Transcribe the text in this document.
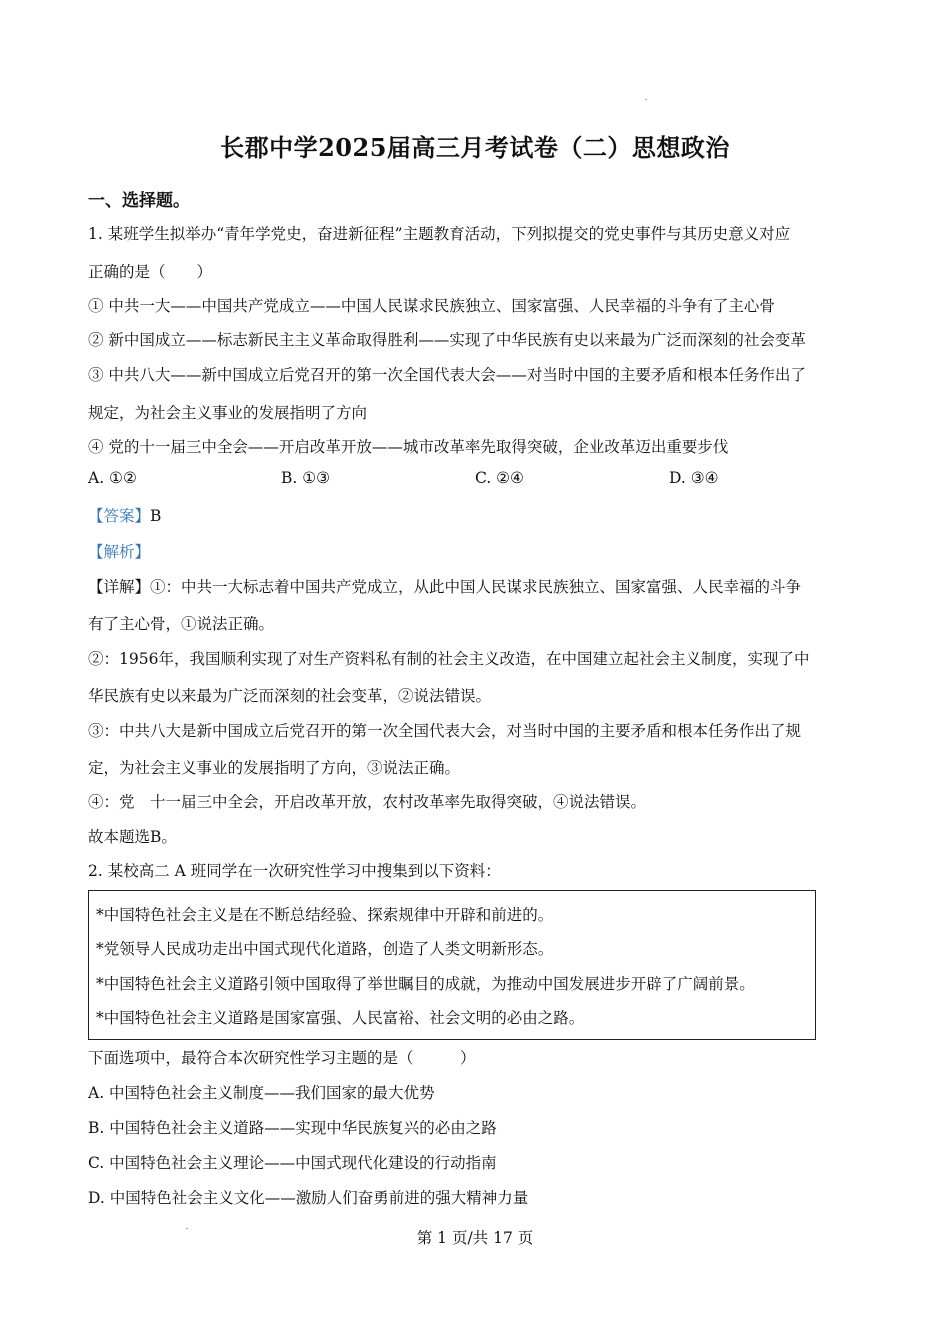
长郡中学2025届高三月考试卷（二）思想政治
一、选择题。
1. 某班学生拟举办“青年学党史，奋进新征程”主题教育活动，下列拟提交的党史事件与其历史意义对应
正确的是（　　）
① 中共一大——中国共产党成立——中国人民谋求民族独立、国家富强、人民幸福的斗争有了主心骨
② 新中国成立——标志新民主主义革命取得胜利——实现了中华民族有史以来最为广泛而深刻的社会变革
③ 中共八大——新中国成立后党召开的第一次全国代表大会——对当时中国的主要矛盾和根本任务作出了
规定，为社会主义事业的发展指明了方向
④ 党的十一届三中全会——开启改革开放——城市改革率先取得突破，企业改革迈出重要步伐
A. ①②	B. ①③	C. ②④	D. ③④
【答案】B
【解析】
【详解】①：中共一大标志着中国共产党成立，从此中国人民谋求民族独立、国家富强、人民幸福的斗争
有了主心骨，①说法正确。
②：1956年，我国顺利实现了对生产资料私有制的社会主义改造，在中国建立起社会主义制度，实现了中
华民族有史以来最为广泛而深刻的社会变革，②说法错误。
③：中共八大是新中国成立后党召开的第一次全国代表大会，对当时中国的主要矛盾和根本任务作出了规
定，为社会主义事业的发展指明了方向，③说法正确。
④：党　十一届三中全会，开启改革开放，农村改革率先取得突破，④说法错误。
故本题选B。
2. 某校高二 A 班同学在一次研究性学习中搜集到以下资料：
*中国特色社会主义是在不断总结经验、探索规律中开辟和前进的。
*党领导人民成功走出中国式现代化道路，创造了人类文明新形态。
*中国特色社会主义道路引领中国取得了举世瞩目的成就，为推动中国发展进步开辟了广阔前景。
*中国特色社会主义道路是国家富强、人民富裕、社会文明的必由之路。
下面选项中，最符合本次研究性学习主题的是（　　　）
A. 中国特色社会主义制度——我们国家的最大优势
B. 中国特色社会主义道路——实现中华民族复兴的必由之路
C. 中国特色社会主义理论——中国式现代化建设的行动指南
D. 中国特色社会主义文化——激励人们奋勇前进的强大精神力量
第 1 页/共 17 页
